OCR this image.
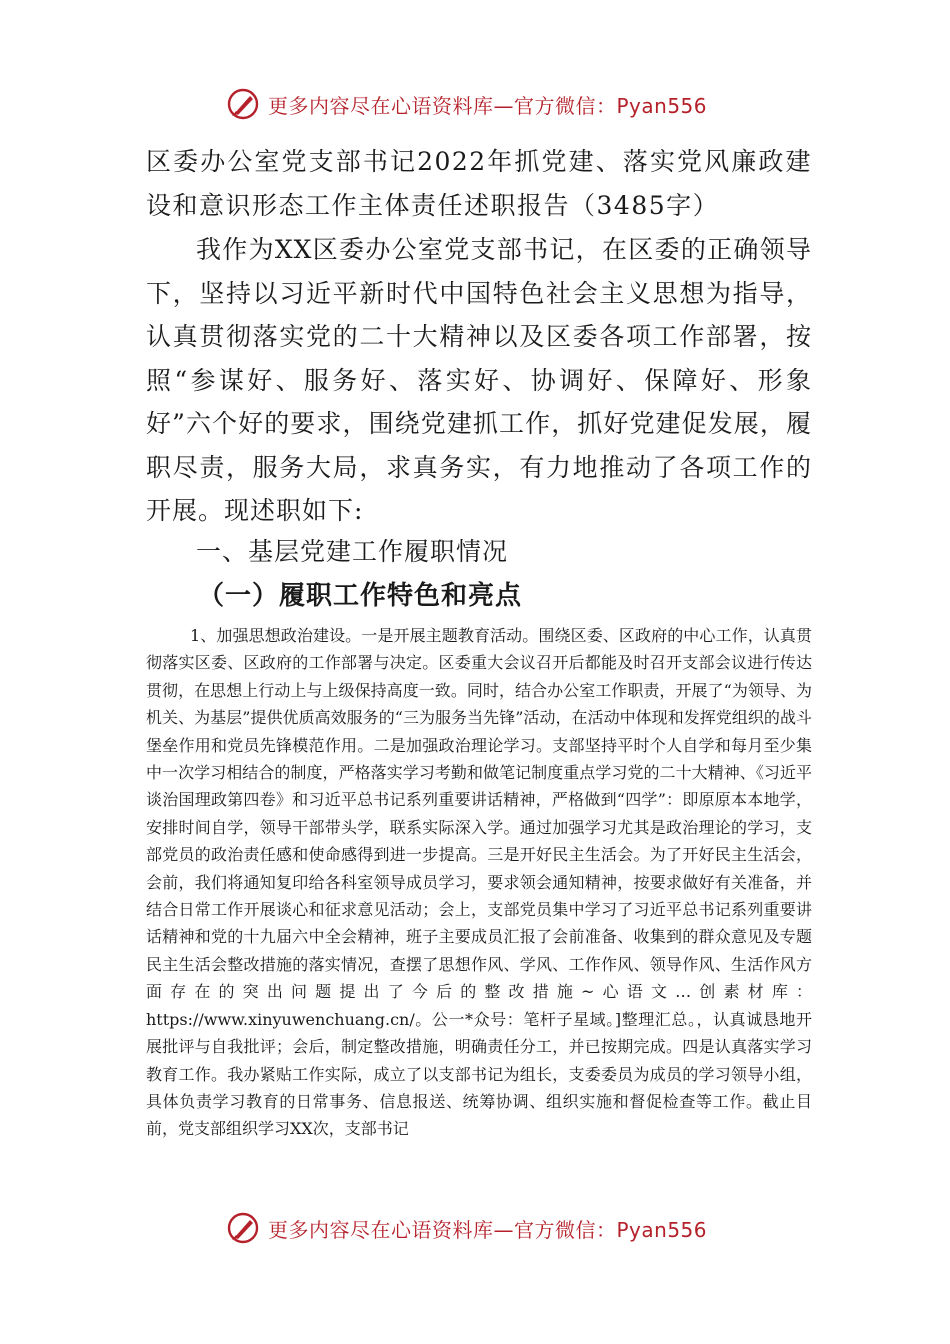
更多内容尽在心语资料库—官方微信：Pyan556
区委办公室党支部书记2022年抓党建、落实党风廉政建设和意识形态工作主体责任述职报告（3485字）
我作为XX区委办公室党支部书记，在区委的正确领导下，坚持以习近平新时代中国特色社会主义思想为指导，认真贯彻落实党的二十大精神以及区委各项工作部署，按照“参谋好、服务好、落实好、协调好、保障好、形象好”六个好的要求，围绕党建抓工作，抓好党建促发展，履职尽责，服务大局，求真务实，有力地推动了各项工作的开展。现述职如下:
一、基层党建工作履职情况
（一）履职工作特色和亮点
1、加强思想政治建设。一是开展主题教育活动。围绕区委、区政府的中心工作，认真贯彻落实区委、区政府的工作部署与决定。区委重大会议召开后都能及时召开支部会议进行传达贯彻，在思想上行动上与上级保持高度一致。同时，结合办公室工作职责，开展了“为领导、为机关、为基层”提供优质高效服务的“三为服务当先锋”活动，在活动中体现和发挥党组织的战斗堡垒作用和党员先锋模范作用。二是加强政治理论学习。支部坚持平时个人自学和每月至少集中一次学习相结合的制度，严格落实学习考勤和做笔记制度重点学习党的二十大精神、《习近平谈治国理政第四卷》和习近平总书记系列重要讲话精神，严格做到“四学”：即原原本本地学，安排时间自学，领导干部带头学，联系实际深入学。通过加强学习尤其是政治理论的学习，支部党员的政治责任感和使命感得到进一步提高。三是开好民主生活会。为了开好民主生活会，会前，我们将通知复印给各科室领导成员学习，要求领会通知精神，按要求做好有关准备，并结合日常工作开展谈心和征求意见活动；会上，支部党员集中学习了习近平总书记系列重要讲话精神和党的十九届六中全会精神，班子主要成员汇报了会前准备、收集到的群众意见及专题民主生活会整改措施的落实情况，查摆了思想作风、学风、工作作风、领导作风、生活作风方面存在的突出问题提出了今后的整改措施~心语文…创素材库：https://www.xinyuwenchuang.cn/。公一*众号：笔杆子星域。]整理汇总。，认真诚恳地开展批评与自我批评；会后，制定整改措施，明确责任分工，并已按期完成。四是认真落实学习教育工作。我办紧贴工作实际，成立了以支部书记为组长，支委委员为成员的学习领导小组，具体负责学习教育的日常事务、信息报送、统筹协调、组织实施和督促检查等工作。截止目前，党支部组织学习XX次，支部书记
更多内容尽在心语资料库—官方微信：Pyan556
